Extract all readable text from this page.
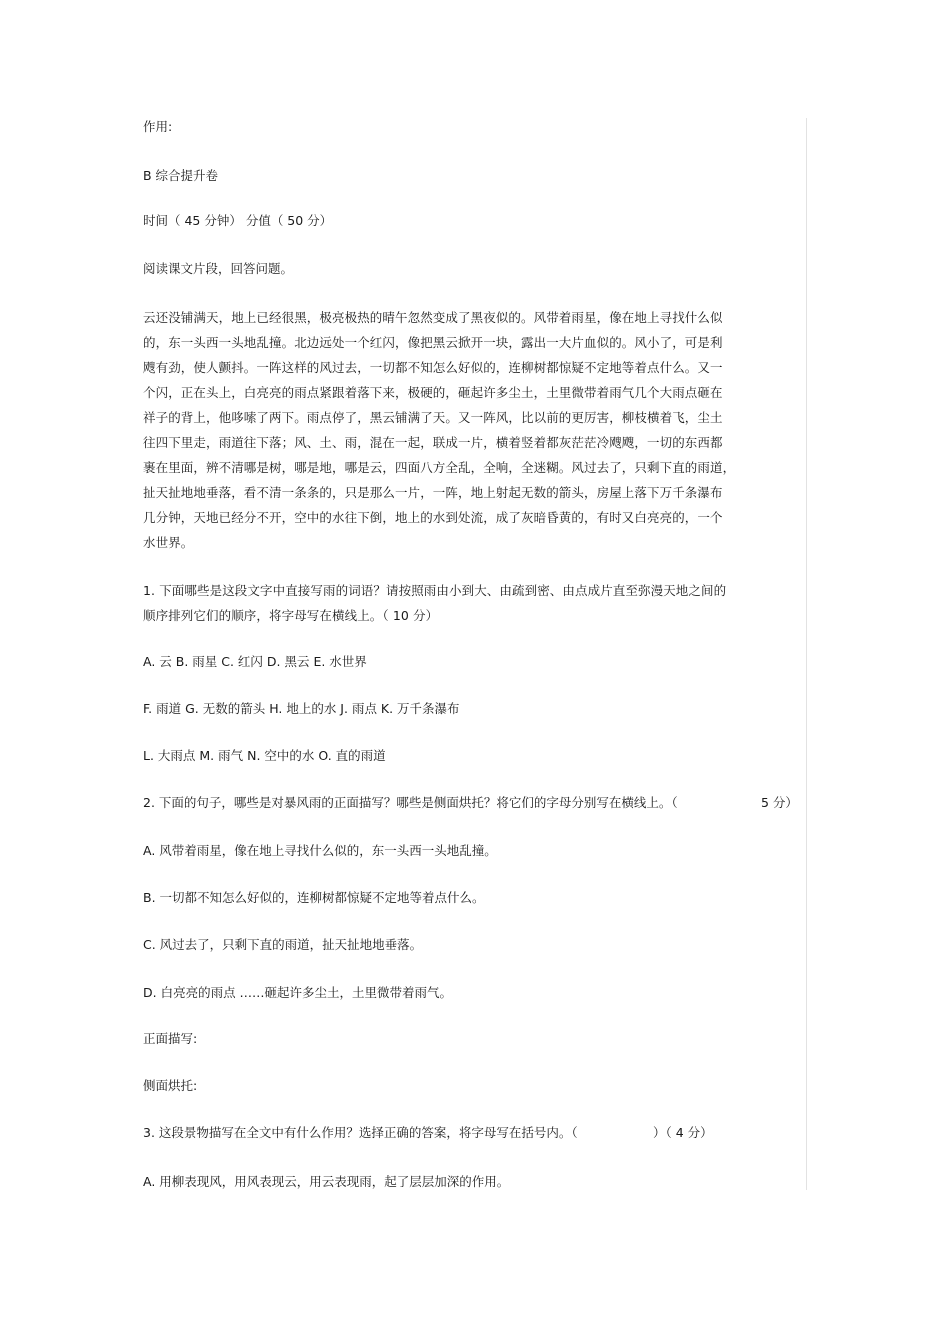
作用:
B 综合提升卷
时间（ 45 分钟） 分值（ 50 分）
阅读课文片段，回答问题。
云还没铺满天，地上已经很黑，极亮极热的晴午忽然变成了黑夜似的。风带着雨星，像在地上寻找什么似
的，东一头西一头地乱撞。北边远处一个红闪，像把黑云掀开一块，露出一大片血似的。风小了，可是利
飕有劲，使人颤抖。一阵这样的风过去，一切都不知怎么好似的，连柳树都惊疑不定地等着点什么。又一
个闪，正在头上，白亮亮的雨点紧跟着落下来，极硬的，砸起许多尘土，土里微带着雨气几个大雨点砸在
祥子的背上，他哆嗦了两下。雨点停了，黑云铺满了天。又一阵风，比以前的更厉害，柳枝横着飞，尘土
往四下里走，雨道往下落；风、土、雨，混在一起，联成一片，横着竖着都灰茫茫冷飕飕，一切的东西都
裹在里面，辨不清哪是树，哪是地，哪是云，四面八方全乱，全响，全迷糊。风过去了，只剩下直的雨道，
扯天扯地地垂落，看不清一条条的，只是那么一片，一阵，地上射起无数的箭头，房屋上落下万千条瀑布
几分钟，天地已经分不开，空中的水往下倒，地上的水到处流，成了灰暗昏黄的，有时又白亮亮的，一个
水世界。
1. 下面哪些是这段文字中直接写雨的词语？请按照雨由小到大、由疏到密、由点成片直至弥漫天地之间的
顺序排列它们的顺序，将字母写在横线上。（ 10 分）
A. 云 B. 雨星 C. 红闪 D. 黑云 E. 水世界
F. 雨道 G. 无数的箭头 H. 地上的水 J. 雨点 K. 万千条瀑布
L. 大雨点 M. 雨气 N. 空中的水 O. 直的雨道
2. 下面的句子，哪些是对暴风雨的正面描写？哪些是侧面烘托？将它们的字母分别写在横线上。（	5 分）
A. 风带着雨星，像在地上寻找什么似的，东一头西一头地乱撞。
B. 一切都不知怎么好似的，连柳树都惊疑不定地等着点什么。
C. 风过去了，只剩下直的雨道，扯天扯地地垂落。
D. 白亮亮的雨点 ……砸起许多尘土，土里微带着雨气。
正面描写:
侧面烘托:
3. 这段景物描写在全文中有什么作用？选择正确的答案，将字母写在括号内。（	）（ 4 分）
A. 用柳表现风，用风表现云，用云表现雨，起了层层加深的作用。
